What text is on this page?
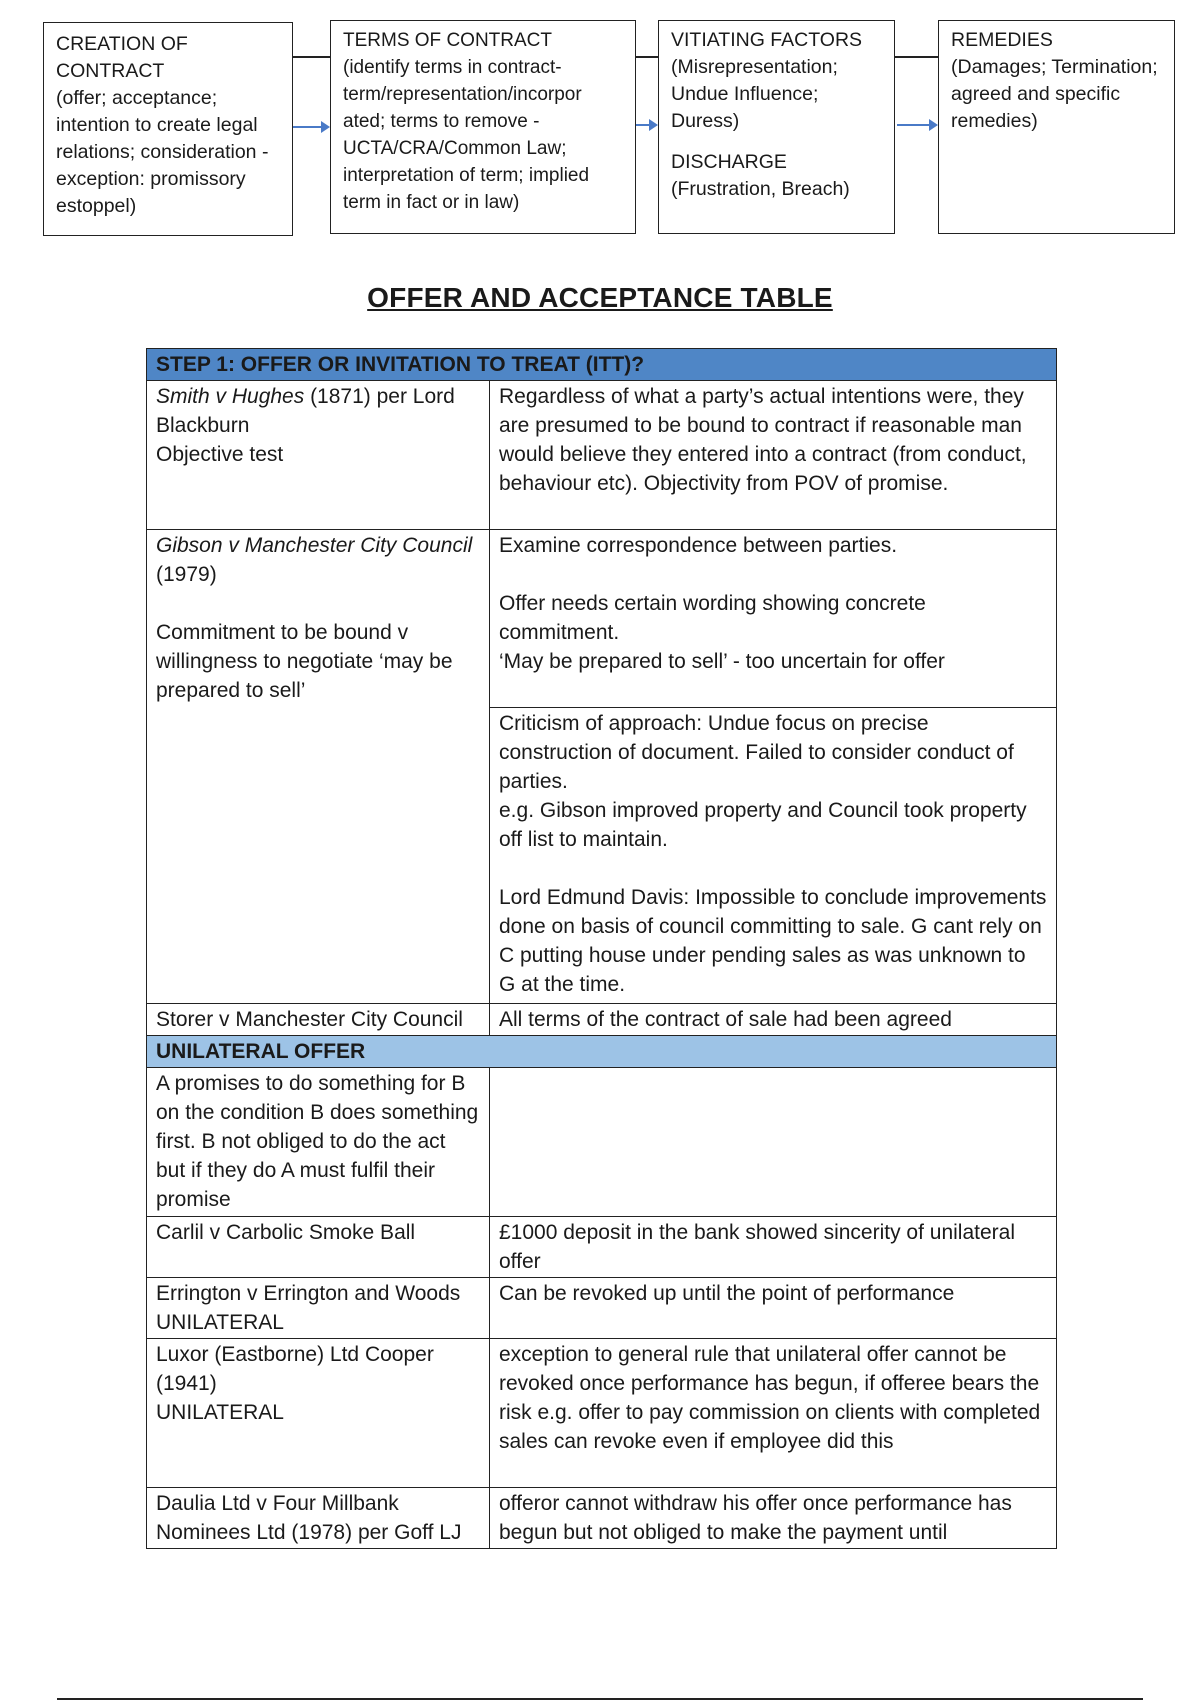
CREATION OF CONTRACT
(offer; acceptance; intention to create legal relations; consideration - exception: promissory estoppel)
TERMS OF CONTRACT
(identify terms in contract- term/representation/incorpor ated; terms to remove - UCTA/CRA/Common Law; interpretation of term; implied term in fact or in law)
VITIATING FACTORS
(Misrepresentation; Undue Influence; Duress)
DISCHARGE
(Frustration, Breach)
REMEDIES
(Damages; Termination; agreed and specific remedies)
OFFER AND ACCEPTANCE TABLE
STEP 1: OFFER OR INVITATION TO TREAT (ITT)?	
Smith v Hughes (1871) per Lord Blackburn
Objective test	Regardless of what a party’s actual intentions were, they are presumed to be bound to contract if reasonable man would believe they entered into a contract (from conduct, behaviour etc). Objectivity from POV of promise.
Gibson v Manchester City Council (1979)
Commitment to be bound v willingness to negotiate ‘may be prepared to sell’	Examine correspondence between parties.
Offer needs certain wording showing concrete commitment.
‘May be prepared to sell’ - too uncertain for offer
	Criticism of approach: Undue focus on precise construction of document. Failed to consider conduct of parties.
e.g. Gibson improved property and Council took property off list to maintain.
Lord Edmund Davis: Impossible to conclude improvements done on basis of council committing to sale. G cant rely on C putting house under pending sales as was unknown to G at the time.
Storer v Manchester City Council	All terms of the contract of sale had been agreed
UNILATERAL OFFER	
A promises to do something for B on the condition B does something first. B not obliged to do the act but if they do A must fulfil their promise	
Carlil v Carbolic Smoke Ball	£1000 deposit in the bank showed sincerity of unilateral offer
Errington v Errington and Woods
UNILATERAL	Can be revoked up until the point of performance
Luxor (Eastborne) Ltd Cooper (1941)
UNILATERAL	exception to general rule that unilateral offer cannot be revoked once performance has begun, if offeree bears the risk e.g. offer to pay commission on clients with completed sales can revoke even if employee did this
Daulia Ltd v Four Millbank Nominees Ltd (1978) per Goff LJ	offeror cannot withdraw his offer once performance has begun but not obliged to make the payment until
